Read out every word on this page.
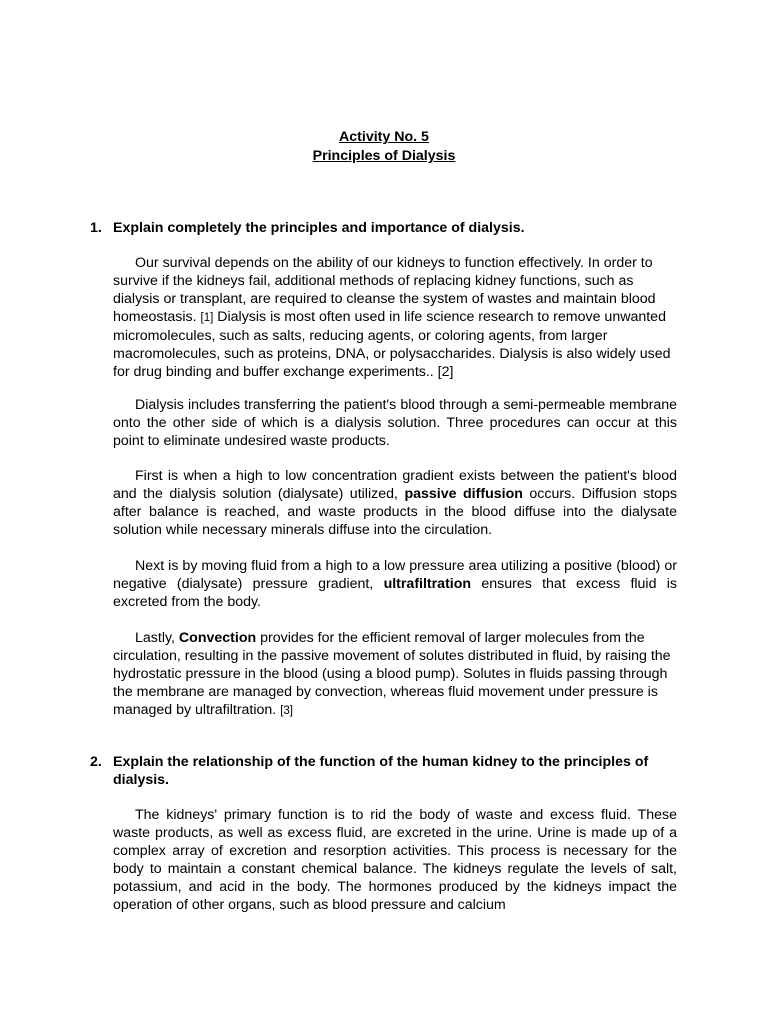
Activity No. 5
Principles of Dialysis
1. Explain completely the principles and importance of dialysis.
Our survival depends on the ability of our kidneys to function effectively. In order to survive if the kidneys fail, additional methods of replacing kidney functions, such as dialysis or transplant, are required to cleanse the system of wastes and maintain blood homeostasis. [1] Dialysis is most often used in life science research to remove unwanted micromolecules, such as salts, reducing agents, or coloring agents, from larger macromolecules, such as proteins, DNA, or polysaccharides. Dialysis is also widely used for drug binding and buffer exchange experiments.. [2]
Dialysis includes transferring the patient's blood through a semi-permeable membrane onto the other side of which is a dialysis solution. Three procedures can occur at this point to eliminate undesired waste products.
First is when a high to low concentration gradient exists between the patient's blood and the dialysis solution (dialysate) utilized, passive diffusion occurs. Diffusion stops after balance is reached, and waste products in the blood diffuse into the dialysate solution while necessary minerals diffuse into the circulation.
Next is by moving fluid from a high to a low pressure area utilizing a positive (blood) or negative (dialysate) pressure gradient, ultrafiltration ensures that excess fluid is excreted from the body.
Lastly, Convection provides for the efficient removal of larger molecules from the circulation, resulting in the passive movement of solutes distributed in fluid, by raising the hydrostatic pressure in the blood (using a blood pump). Solutes in fluids passing through the membrane are managed by convection, whereas fluid movement under pressure is managed by ultrafiltration. [3]
2. Explain the relationship of the function of the human kidney to the principles of dialysis.
The kidneys' primary function is to rid the body of waste and excess fluid. These waste products, as well as excess fluid, are excreted in the urine. Urine is made up of a complex array of excretion and resorption activities. This process is necessary for the body to maintain a constant chemical balance. The kidneys regulate the levels of salt, potassium, and acid in the body. The hormones produced by the kidneys impact the operation of other organs, such as blood pressure and calcium
